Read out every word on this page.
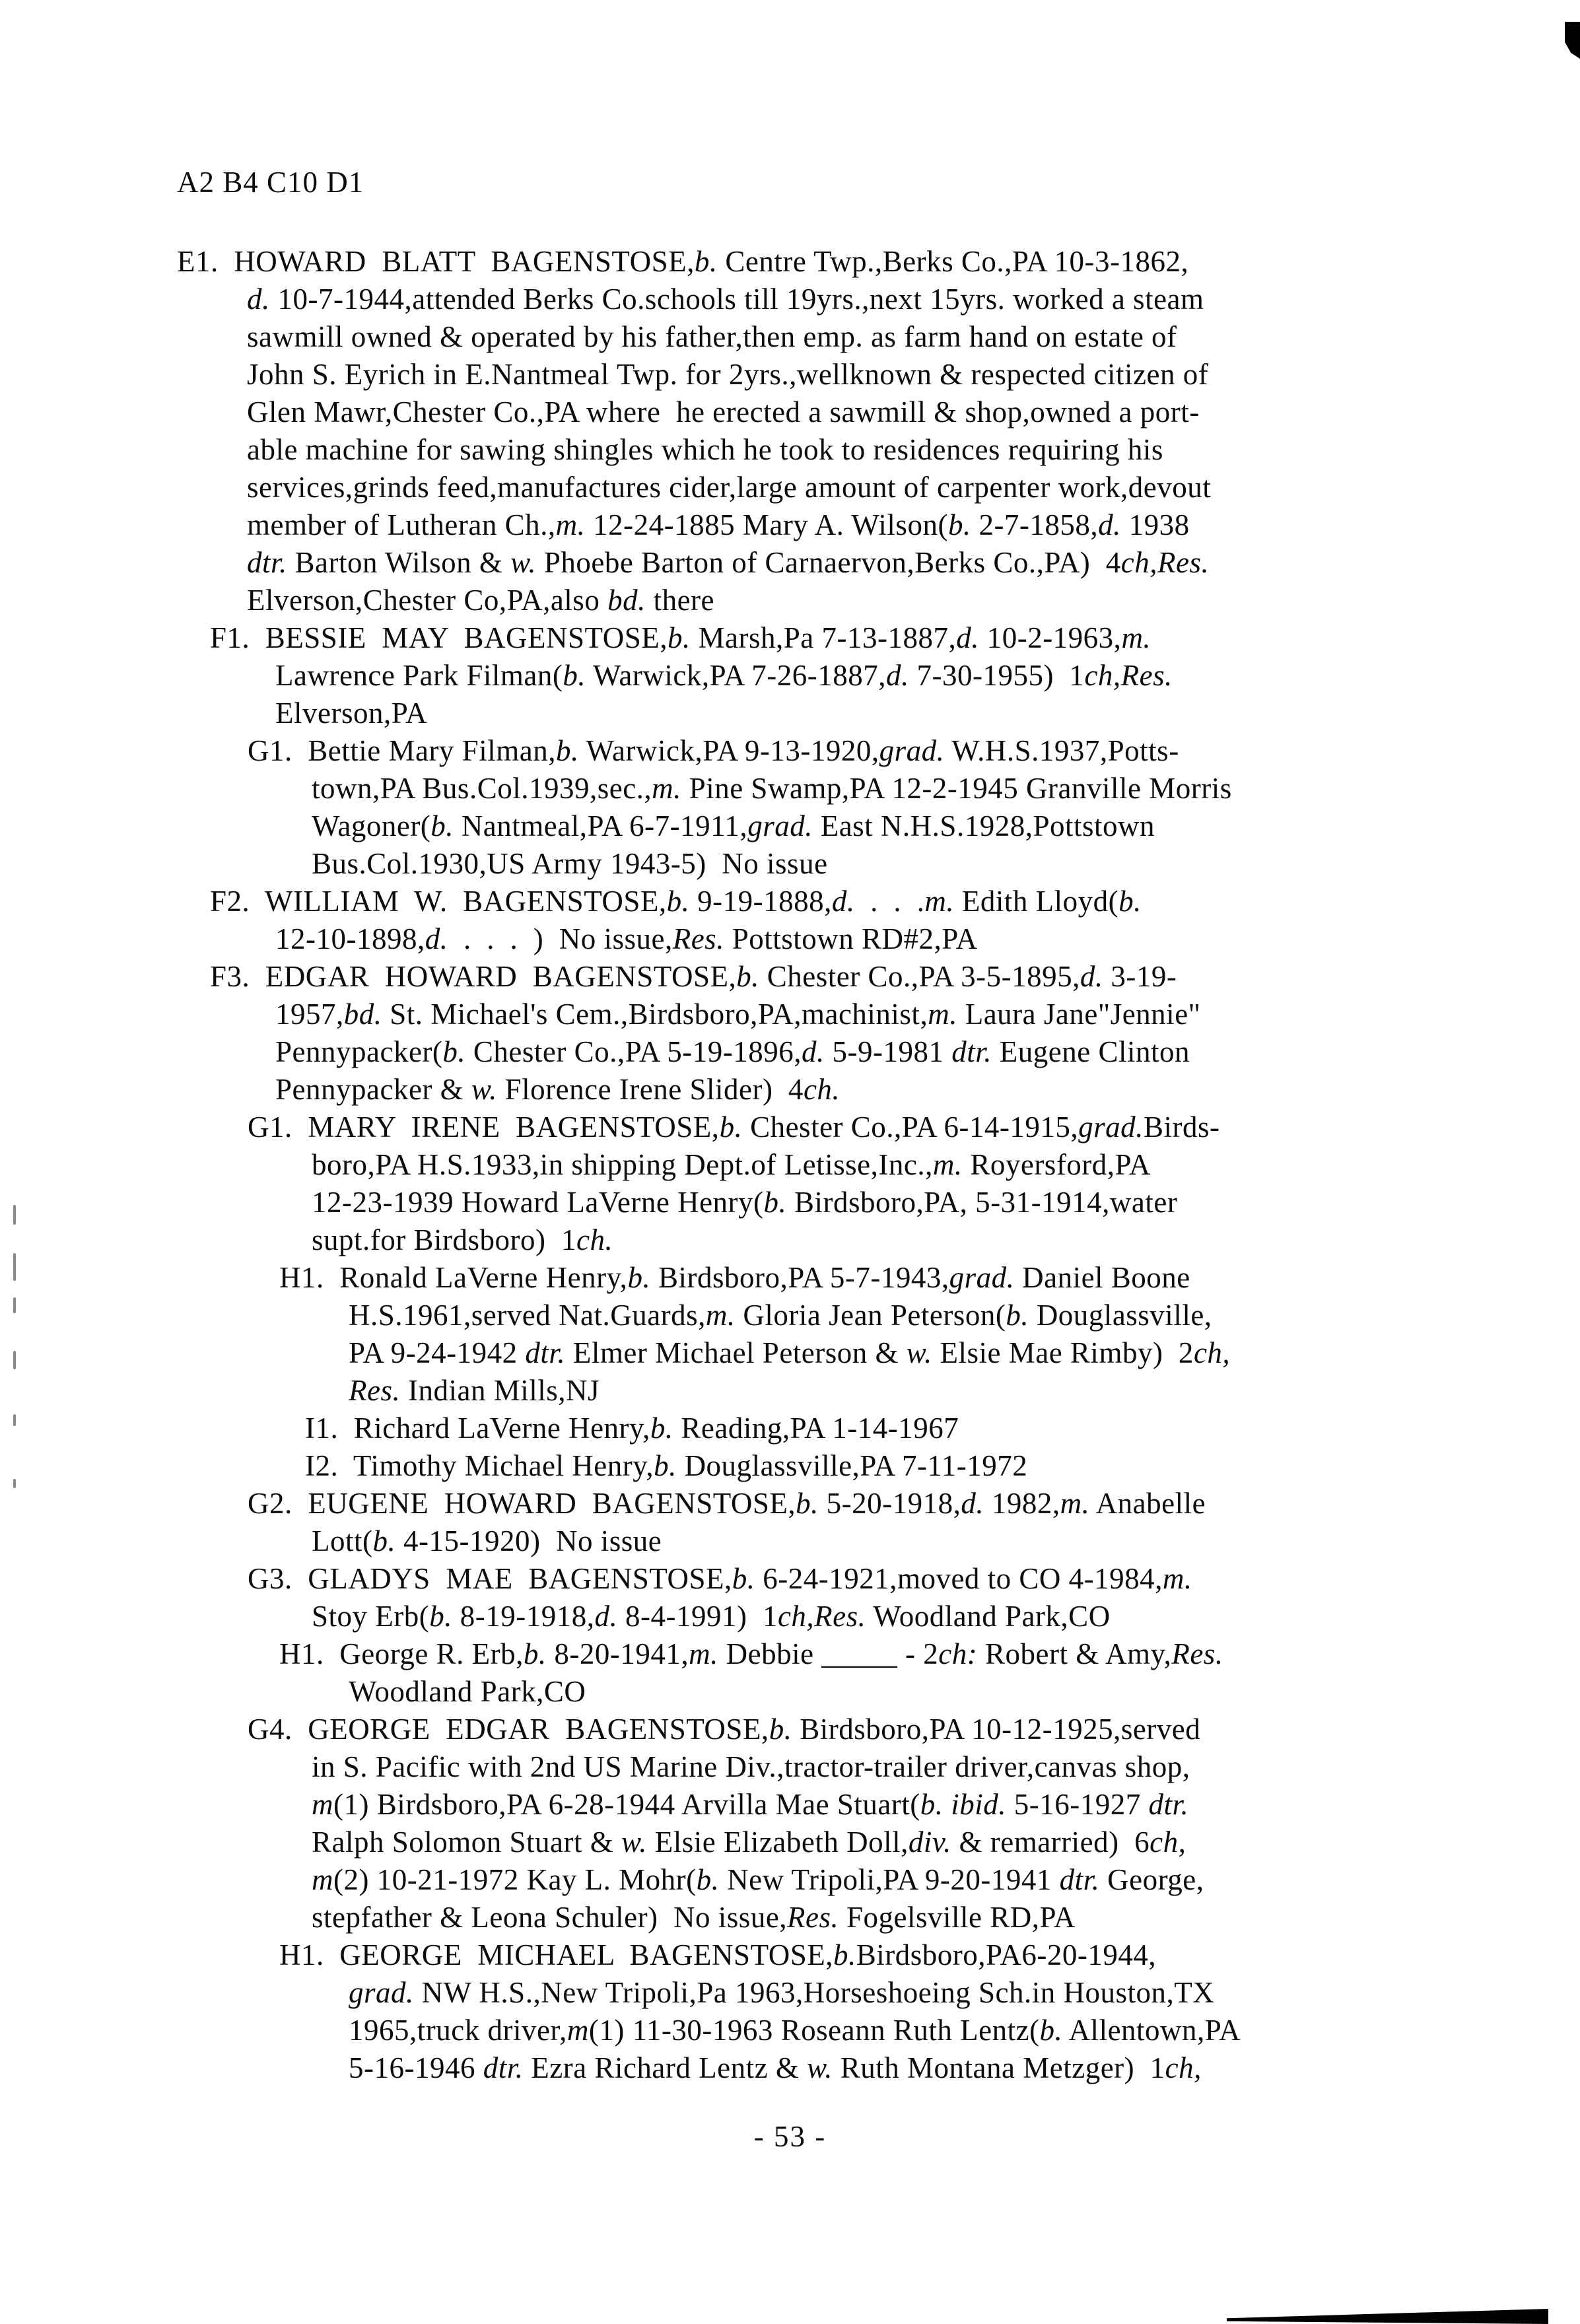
A2 B4 C10 D1
E1.  HOWARD  BLATT  BAGENSTOSE,b. Centre Twp.,Berks Co.,PA 10-3-1862,
d. 10-7-1944,attended Berks Co.schools till 19yrs.,next 15yrs. worked a steam
sawmill owned & operated by his father,then emp. as farm hand on estate of
John S. Eyrich in E.Nantmeal Twp. for 2yrs.,wellknown & respected citizen of
Glen Mawr,Chester Co.,PA where  he erected a sawmill & shop,owned a port-
able machine for sawing shingles which he took to residences requiring his
services,grinds feed,manufactures cider,large amount of carpenter work,devout
member of Lutheran Ch.,m. 12-24-1885 Mary A. Wilson(b. 2-7-1858,d. 1938
dtr. Barton Wilson & w. Phoebe Barton of Carnaervon,Berks Co.,PA)  4ch,Res.
Elverson,Chester Co,PA,also bd. there
F1.  BESSIE  MAY  BAGENSTOSE,b. Marsh,Pa 7-13-1887,d. 10-2-1963,m.
Lawrence Park Filman(b. Warwick,PA 7-26-1887,d. 7-30-1955)  1ch,Res.
Elverson,PA
G1.  Bettie Mary Filman,b. Warwick,PA 9-13-1920,grad. W.H.S.1937,Potts-
town,PA Bus.Col.1939,sec.,m. Pine Swamp,PA 12-2-1945 Granville Morris
Wagoner(b. Nantmeal,PA 6-7-1911,grad. East N.H.S.1928,Pottstown
Bus.Col.1930,US Army 1943-5)  No issue
F2.  WILLIAM  W.  BAGENSTOSE,b. 9-19-1888,d.  .  .  .m. Edith Lloyd(b.
12-10-1898,d.  .  .  .  )  No issue,Res. Pottstown RD#2,PA
F3.  EDGAR  HOWARD  BAGENSTOSE,b. Chester Co.,PA 3-5-1895,d. 3-19-
1957,bd. St. Michael's Cem.,Birdsboro,PA,machinist,m. Laura Jane"Jennie"
Pennypacker(b. Chester Co.,PA 5-19-1896,d. 5-9-1981 dtr. Eugene Clinton
Pennypacker & w. Florence Irene Slider)  4ch.
G1.  MARY  IRENE  BAGENSTOSE,b. Chester Co.,PA 6-14-1915,grad.Birds-
boro,PA H.S.1933,in shipping Dept.of Letisse,Inc.,m. Royersford,PA
12-23-1939 Howard LaVerne Henry(b. Birdsboro,PA, 5-31-1914,water
supt.for Birdsboro)  1ch.
H1.  Ronald LaVerne Henry,b. Birdsboro,PA 5-7-1943,grad. Daniel Boone
H.S.1961,served Nat.Guards,m. Gloria Jean Peterson(b. Douglassville,
PA 9-24-1942 dtr. Elmer Michael Peterson & w. Elsie Mae Rimby)  2ch,
Res. Indian Mills,NJ
I1.  Richard LaVerne Henry,b. Reading,PA 1-14-1967
I2.  Timothy Michael Henry,b. Douglassville,PA 7-11-1972
G2.  EUGENE  HOWARD  BAGENSTOSE,b. 5-20-1918,d. 1982,m. Anabelle
Lott(b. 4-15-1920)  No issue
G3.  GLADYS  MAE  BAGENSTOSE,b. 6-24-1921,moved to CO 4-1984,m.
Stoy Erb(b. 8-19-1918,d. 8-4-1991)  1ch,Res. Woodland Park,CO
H1.  George R. Erb,b. 8-20-1941,m. Debbie _____ - 2ch: Robert & Amy,Res.
Woodland Park,CO
G4.  GEORGE  EDGAR  BAGENSTOSE,b. Birdsboro,PA 10-12-1925,served
in S. Pacific with 2nd US Marine Div.,tractor-trailer driver,canvas shop,
m(1) Birdsboro,PA 6-28-1944 Arvilla Mae Stuart(b. ibid. 5-16-1927 dtr.
Ralph Solomon Stuart & w. Elsie Elizabeth Doll,div. & remarried)  6ch,
m(2) 10-21-1972 Kay L. Mohr(b. New Tripoli,PA 9-20-1941 dtr. George,
stepfather & Leona Schuler)  No issue,Res. Fogelsville RD,PA
H1.  GEORGE  MICHAEL  BAGENSTOSE,b.Birdsboro,PA6-20-1944,
grad. NW H.S.,New Tripoli,Pa 1963,Horseshoeing Sch.in Houston,TX
1965,truck driver,m(1) 11-30-1963 Roseann Ruth Lentz(b. Allentown,PA
5-16-1946 dtr. Ezra Richard Lentz & w. Ruth Montana Metzger)  1ch,
- 53 -
